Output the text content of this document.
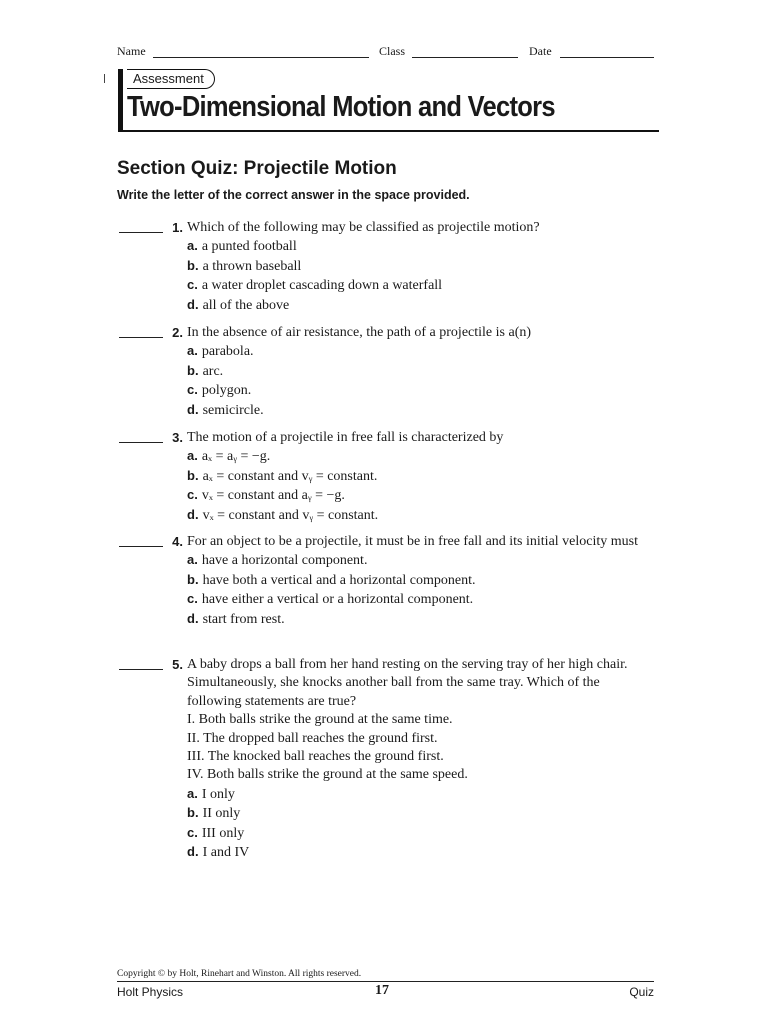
Name	Class	Date
Assessment
Two-Dimensional Motion and Vectors
Section Quiz: Projectile Motion
Write the letter of the correct answer in the space provided.
1. Which of the following may be classified as projectile motion?
a. a punted football
b. a thrown baseball
c. a water droplet cascading down a waterfall
d. all of the above
2. In the absence of air resistance, the path of a projectile is a(n)
a. parabola.
b. arc.
c. polygon.
d. semicircle.
3. The motion of a projectile in free fall is characterized by
a. aₓ = aᵧ = −g.
b. aₓ = constant and vᵧ = constant.
c. vₓ = constant and aᵧ = −g.
d. vₓ = constant and vᵧ = constant.
4. For an object to be a projectile, it must be in free fall and its initial velocity must
a. have a horizontal component.
b. have both a vertical and a horizontal component.
c. have either a vertical or a horizontal component.
d. start from rest.
5. A baby drops a ball from her hand resting on the serving tray of her high chair. Simultaneously, she knocks another ball from the same tray. Which of the following statements are true?
I. Both balls strike the ground at the same time.
II. The dropped ball reaches the ground first.
III. The knocked ball reaches the ground first.
IV. Both balls strike the ground at the same speed.
a. I only
b. II only
c. III only
d. I and IV
Copyright © by Holt, Rinehart and Winston. All rights reserved.
Holt Physics	17	Quiz
